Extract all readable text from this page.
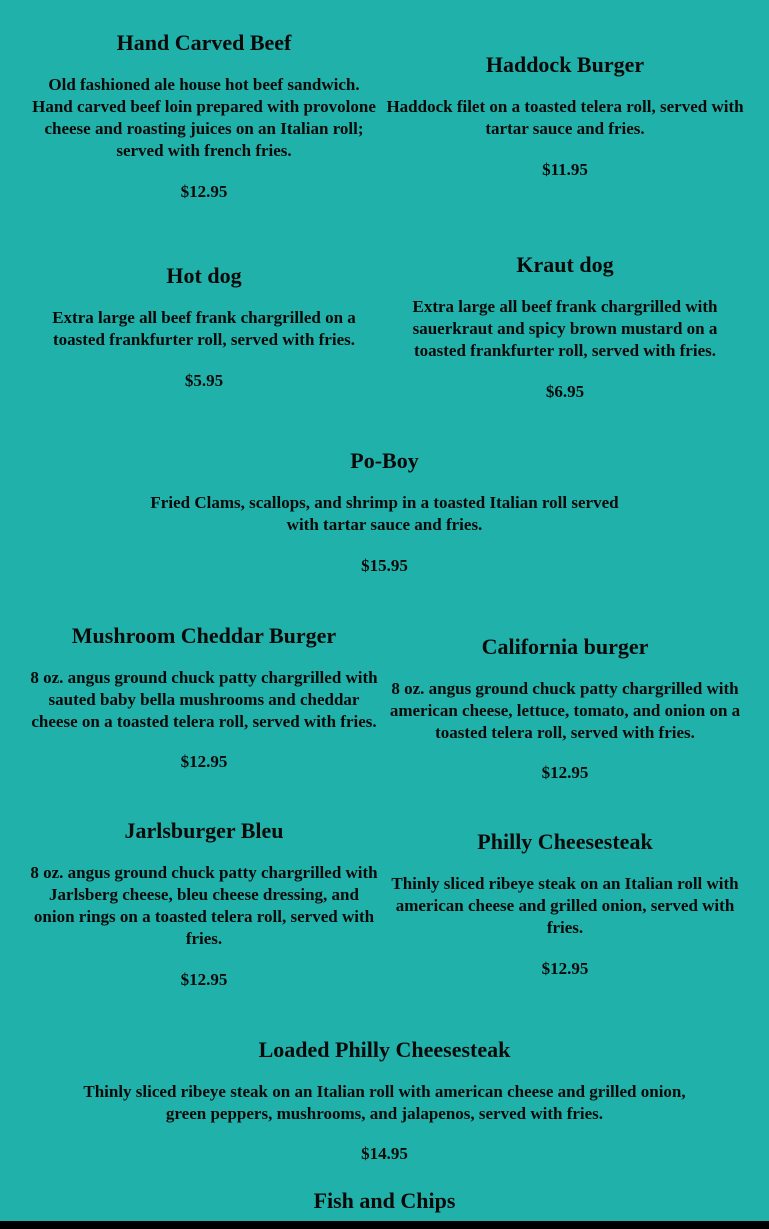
Hand Carved Beef

Old fashioned ale house hot beef sandwich. Hand carved beef loin prepared with provolone cheese and roasting juices on an Italian roll; served with french fries.

$12.95

Haddock Burger

Haddock filet on a toasted telera roll, served with tartar sauce and fries.

$11.95

Hot dog

Extra large all beef frank chargrilled on a toasted frankfurter roll, served with fries.

$5.95

Kraut dog

Extra large all beef frank chargrilled with sauerkraut and spicy brown mustard on a toasted frankfurter roll, served with fries.

$6.95

Po-Boy

Fried Clams, scallops, and shrimp in a toasted Italian roll served with tartar sauce and fries.

$15.95

Mushroom Cheddar Burger

8 oz. angus ground chuck patty chargrilled with sauted baby bella mushrooms and cheddar cheese on a toasted telera roll, served with fries.

$12.95

California burger

8 oz. angus ground chuck patty chargrilled with american cheese, lettuce, tomato, and onion on a toasted telera roll, served with fries.

$12.95

Jarlsburger Bleu

8 oz. angus ground chuck patty chargrilled with Jarlsberg cheese, bleu cheese dressing, and onion rings on a toasted telera roll, served with fries.

$12.95

Philly Cheesesteak

Thinly sliced ribeye steak on an Italian roll with american cheese and grilled onion, served with fries.

$12.95

Loaded Philly Cheesesteak

Thinly sliced ribeye steak on an Italian roll with american cheese and grilled onion, green peppers, mushrooms, and jalapenos, served with fries.

$14.95

Fish and Chips
